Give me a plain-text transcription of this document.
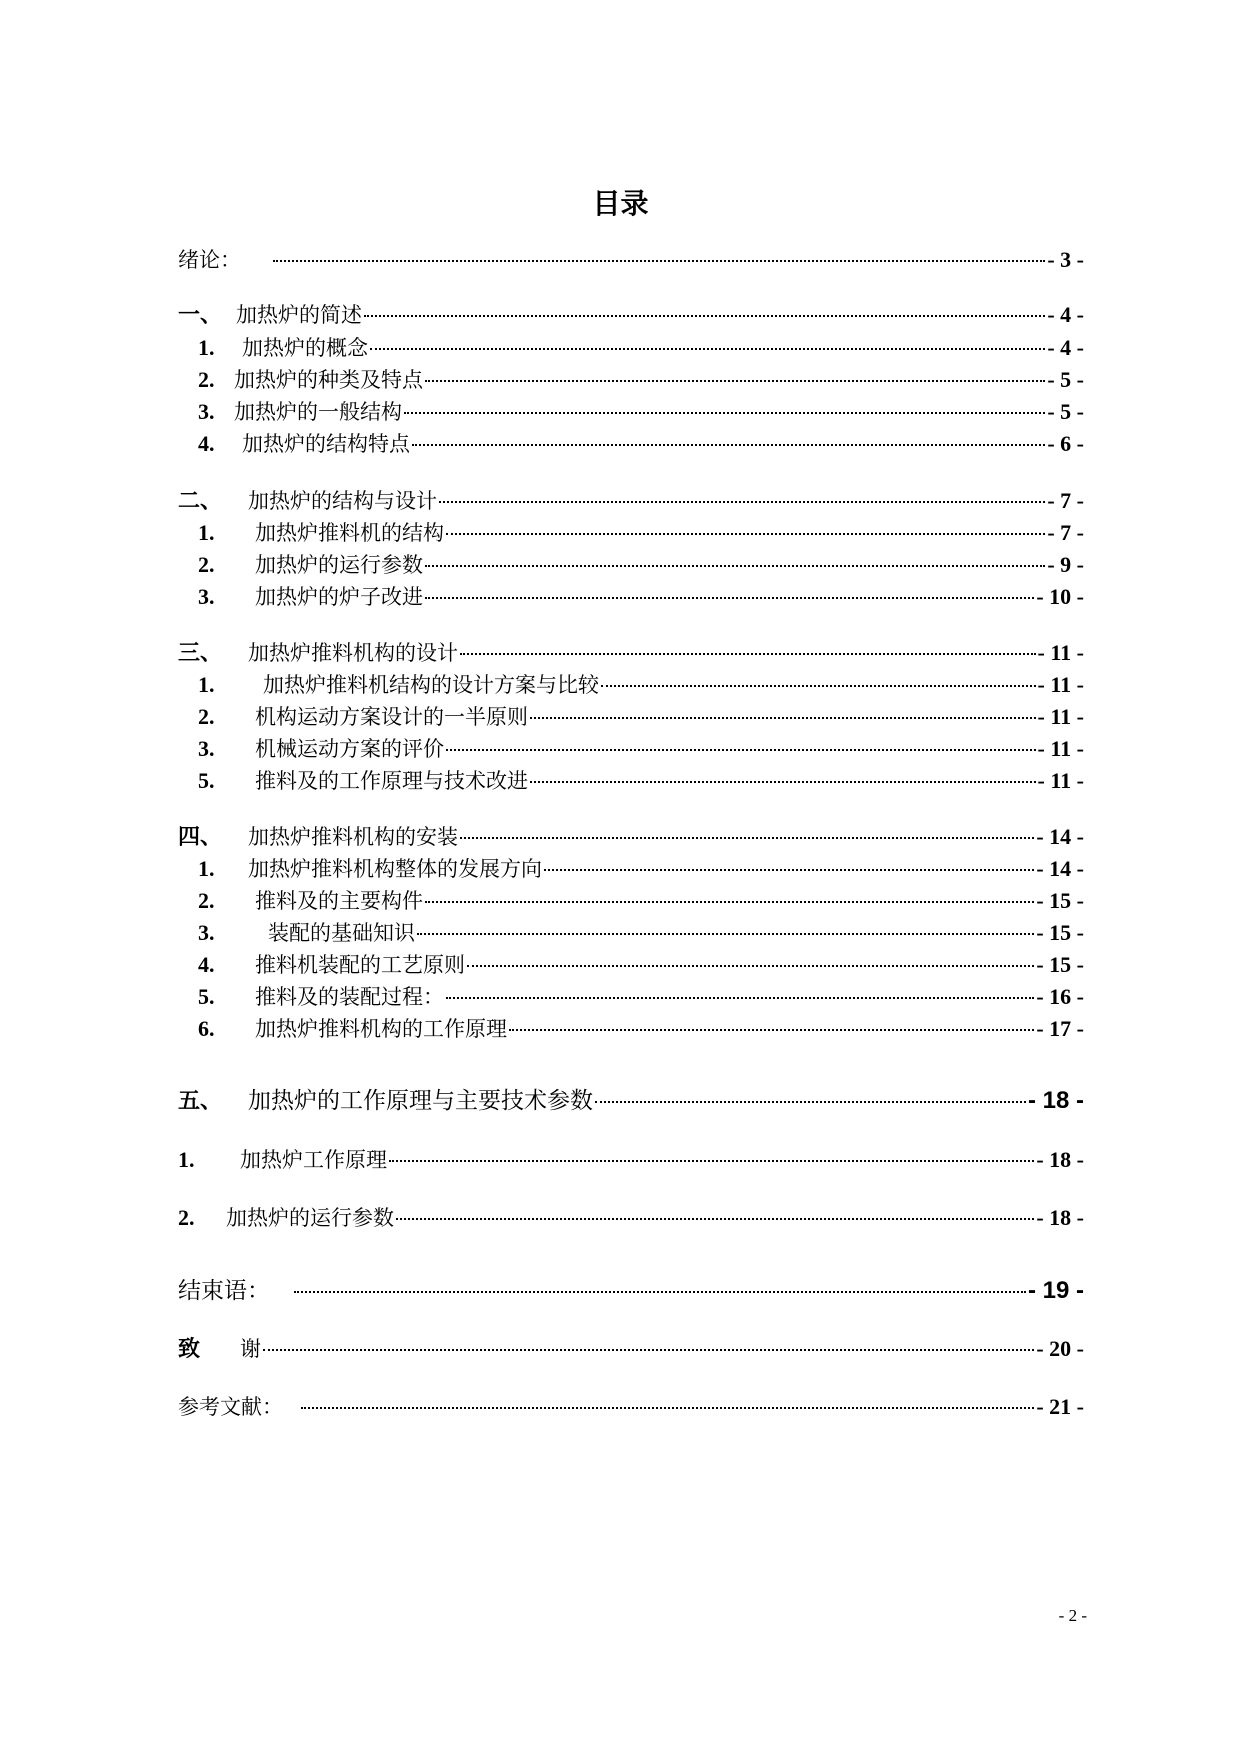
目录
绪论：	- 3 -
一、 加热炉的简述	- 4 -
1.	加热炉的概念	- 4 -
2. 加热炉的种类及特点	- 5 -
3. 加热炉的一般结构	- 5 -
4.	加热炉的结构特点	- 6 -
二、	加热炉的结构与设计	- 7 -
1.	加热炉推料机的结构	- 7 -
2.	加热炉的运行参数	- 9 -
3.	加热炉的炉子改进	- 10 -
三、	加热炉推料机构的设计	- 11 -
1.	加热炉推料机结构的设计方案与比较	- 11 -
2.	机构运动方案设计的一半原则	- 11 -
3.	机械运动方案的评价	- 11 -
5.	推料及的工作原理与技术改进	- 11 -
四、	加热炉推料机构的安装	- 14 -
1.	加热炉推料机构整体的发展方向	- 14 -
2.	推料及的主要构件	- 15 -
3.	装配的基础知识	- 15 -
4.	推料机装配的工艺原则	- 15 -
5.	推料及的装配过程：	- 16 -
6.	加热炉推料机构的工作原理	- 17 -
五、	加热炉的工作原理与主要技术参数	- 18 -
1.	加热炉工作原理	- 18 -
2.	加热炉的运行参数	- 18 -
结束语：	- 19 -
致	谢	- 20 -
参考文献：	- 21 -
- 2 -
